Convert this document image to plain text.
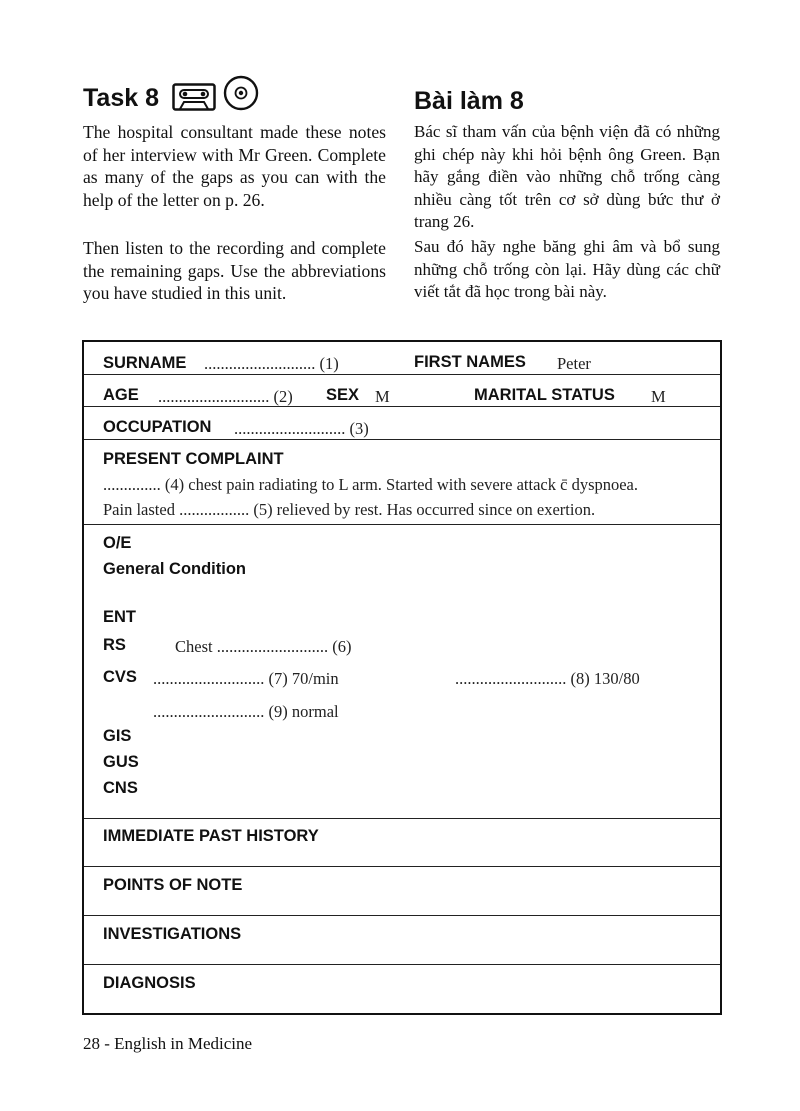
Task 8	Bài làm 8

The hospital consultant made these notes of her interview with Mr Green. Complete as many of the gaps as you can with the help of the letter on p. 26.

Then listen to the recording and complete the remaining gaps. Use the abbreviations you have studied in this unit.

Bác sĩ tham vấn của bệnh viện đã có những ghi chép này khi hỏi bệnh ông Green. Bạn hãy gắng điền vào những chỗ trống càng nhiều càng tốt trên cơ sở dùng bức thư ở trang 26.

Sau đó hãy nghe băng ghi âm và bổ sung những chỗ trống còn lại. Hãy dùng các chữ viết tắt đã học trong bài này.

SURNAME ........................... (1)	FIRST NAMES Peter
AGE ........................... (2) SEX M	MARITAL STATUS M
OCCUPATION ........................... (3)
PRESENT COMPLAINT
.............. (4) chest pain radiating to L arm. Started with severe attack c̄ dyspnoea.
Pain lasted ................. (5) relieved by rest. Has occurred since on exertion.
O/E
General Condition
ENT
RS	Chest ........................... (6)
CVS ........................... (7) 70/min	........................... (8) 130/80
........................... (9) normal
GIS
GUS
CNS
IMMEDIATE PAST HISTORY
POINTS OF NOTE
INVESTIGATIONS
DIAGNOSIS
28 - English in Medicine
